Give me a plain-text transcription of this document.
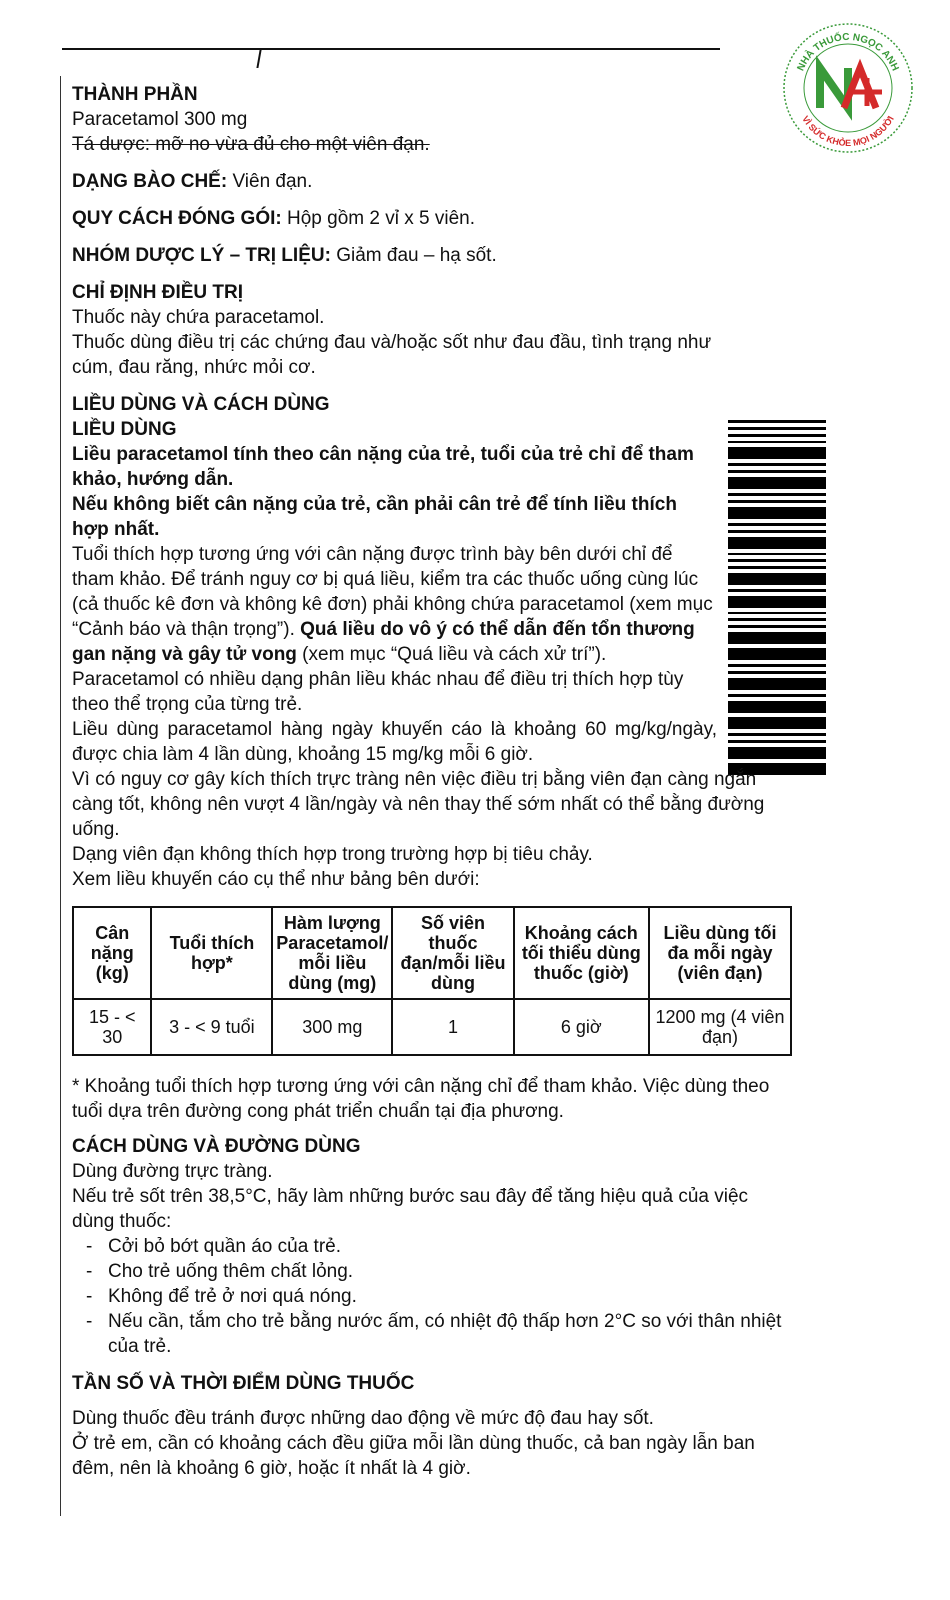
NHÀ THUỐC NGỌC ANH
VÌ SỨC KHỎE MỌI NGƯỜI

THÀNH PHẦN

Paracetamol 300 mg

Tá dược: mỡ no vừa đủ cho một viên đạn.

DẠNG BÀO CHẾ: Viên đạn.

QUY CÁCH ĐÓNG GÓI: Hộp gồm 2 vỉ x 5 viên.

NHÓM DƯỢC LÝ – TRỊ LIỆU: Giảm đau – hạ sốt.

CHỈ ĐỊNH ĐIỀU TRỊ

Thuốc này chứa paracetamol.

Thuốc dùng điều trị các chứng đau và/hoặc sốt như đau đầu, tình trạng như cúm, đau răng, nhức mỏi cơ.

LIỀU DÙNG VÀ CÁCH DÙNG

LIỀU DÙNG

Liều paracetamol tính theo cân nặng của trẻ, tuổi của trẻ chỉ để tham khảo, hướng dẫn.

Nếu không biết cân nặng của trẻ, cần phải cân trẻ để tính liều thích hợp nhất.

Tuổi thích hợp tương ứng với cân nặng được trình bày bên dưới chỉ để tham khảo. Để tránh nguy cơ bị quá liều, kiểm tra các thuốc uống cùng lúc (cả thuốc kê đơn và không kê đơn) phải không chứa paracetamol (xem mục “Cảnh báo và thận trọng”). Quá liều do vô ý có thể dẫn đến tổn thương gan nặng và gây tử vong (xem mục “Quá liều và cách xử trí”).

Paracetamol có nhiều dạng phân liều khác nhau để điều trị thích hợp tùy theo thể trọng của từng trẻ.

Liều dùng paracetamol hàng ngày khuyến cáo là khoảng 60 mg/kg/ngày, được chia làm 4 lần dùng, khoảng 15 mg/kg mỗi 6 giờ.

Vì có nguy cơ gây kích thích trực tràng nên việc điều trị bằng viên đạn càng ngắn càng tốt, không nên vượt 4 lần/ngày và nên thay thế sớm nhất có thể bằng đường uống.

Dạng viên đạn không thích hợp trong trường hợp bị tiêu chảy.

Xem liều khuyến cáo cụ thể như bảng bên dưới:

Cân nặng (kg)	Tuổi thích hợp*	Hàm lượng Paracetamol/ mỗi liều dùng (mg)	Số viên thuốc đạn/mỗi liều dùng	Khoảng cách tối thiểu dùng thuốc (giờ)	Liều dùng tối đa mỗi ngày (viên đạn)
15 - < 30	3 - < 9 tuổi	300 mg	1	6 giờ	1200 mg (4 viên đạn)

* Khoảng tuổi thích hợp tương ứng với cân nặng chỉ để tham khảo. Việc dùng theo tuổi dựa trên đường cong phát triển chuẩn tại địa phương.

CÁCH DÙNG VÀ ĐƯỜNG DÙNG

Dùng đường trực tràng.

Nếu trẻ sốt trên 38,5°C, hãy làm những bước sau đây để tăng hiệu quả của việc dùng thuốc:

- Cởi bỏ bớt quần áo của trẻ.
- Cho trẻ uống thêm chất lỏng.
- Không để trẻ ở nơi quá nóng.
- Nếu cần, tắm cho trẻ bằng nước ấm, có nhiệt độ thấp hơn 2°C so với thân nhiệt của trẻ.

TẦN SỐ VÀ THỜI ĐIỂM DÙNG THUỐC

Dùng thuốc đều tránh được những dao động về mức độ đau hay sốt.

Ở trẻ em, cần có khoảng cách đều giữa mỗi lần dùng thuốc, cả ban ngày lẫn ban đêm, nên là khoảng 6 giờ, hoặc ít nhất là 4 giờ.
